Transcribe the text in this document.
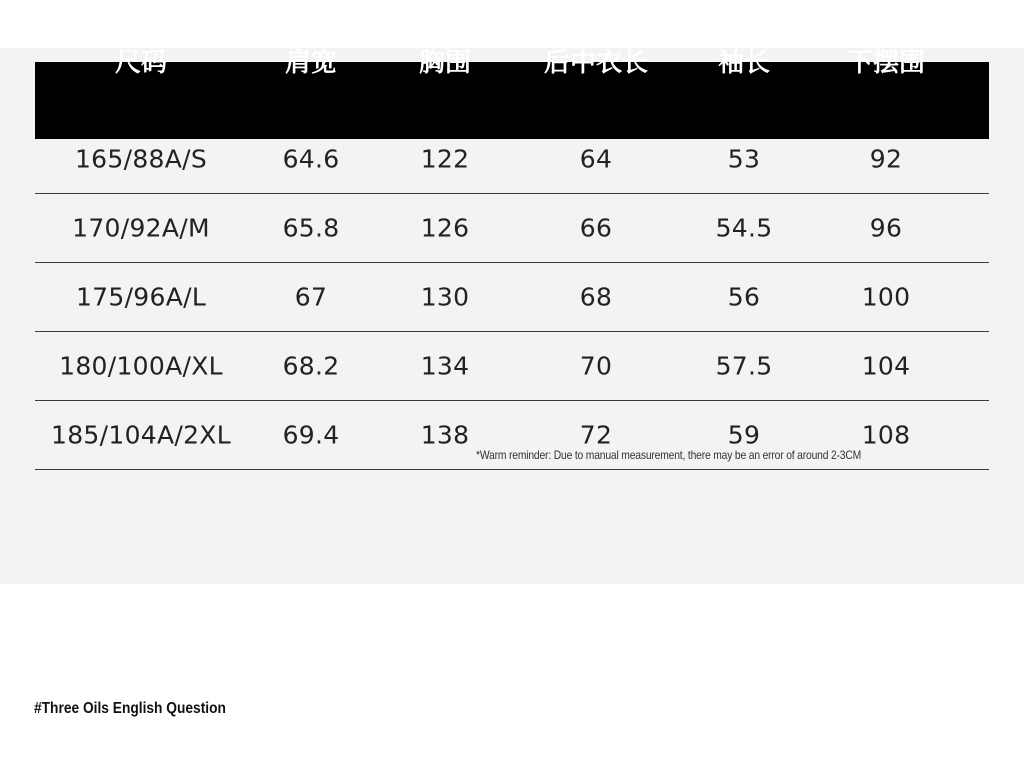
尺码	肩宽	胸围	后中衣长	袖长	下摆围
165/88A/S	64.6	122	64	53	92
170/92A/M	65.8	126	66	54.5	96
175/96A/L	67	130	68	56	100
180/100A/XL 68.2	134	70	57.5	104
185/104A/2XL 69.4	138	72	59	108
*Warm reminder: Due to manual measurement, there may be an error of around 2-3CM
#Three Oils English Question
